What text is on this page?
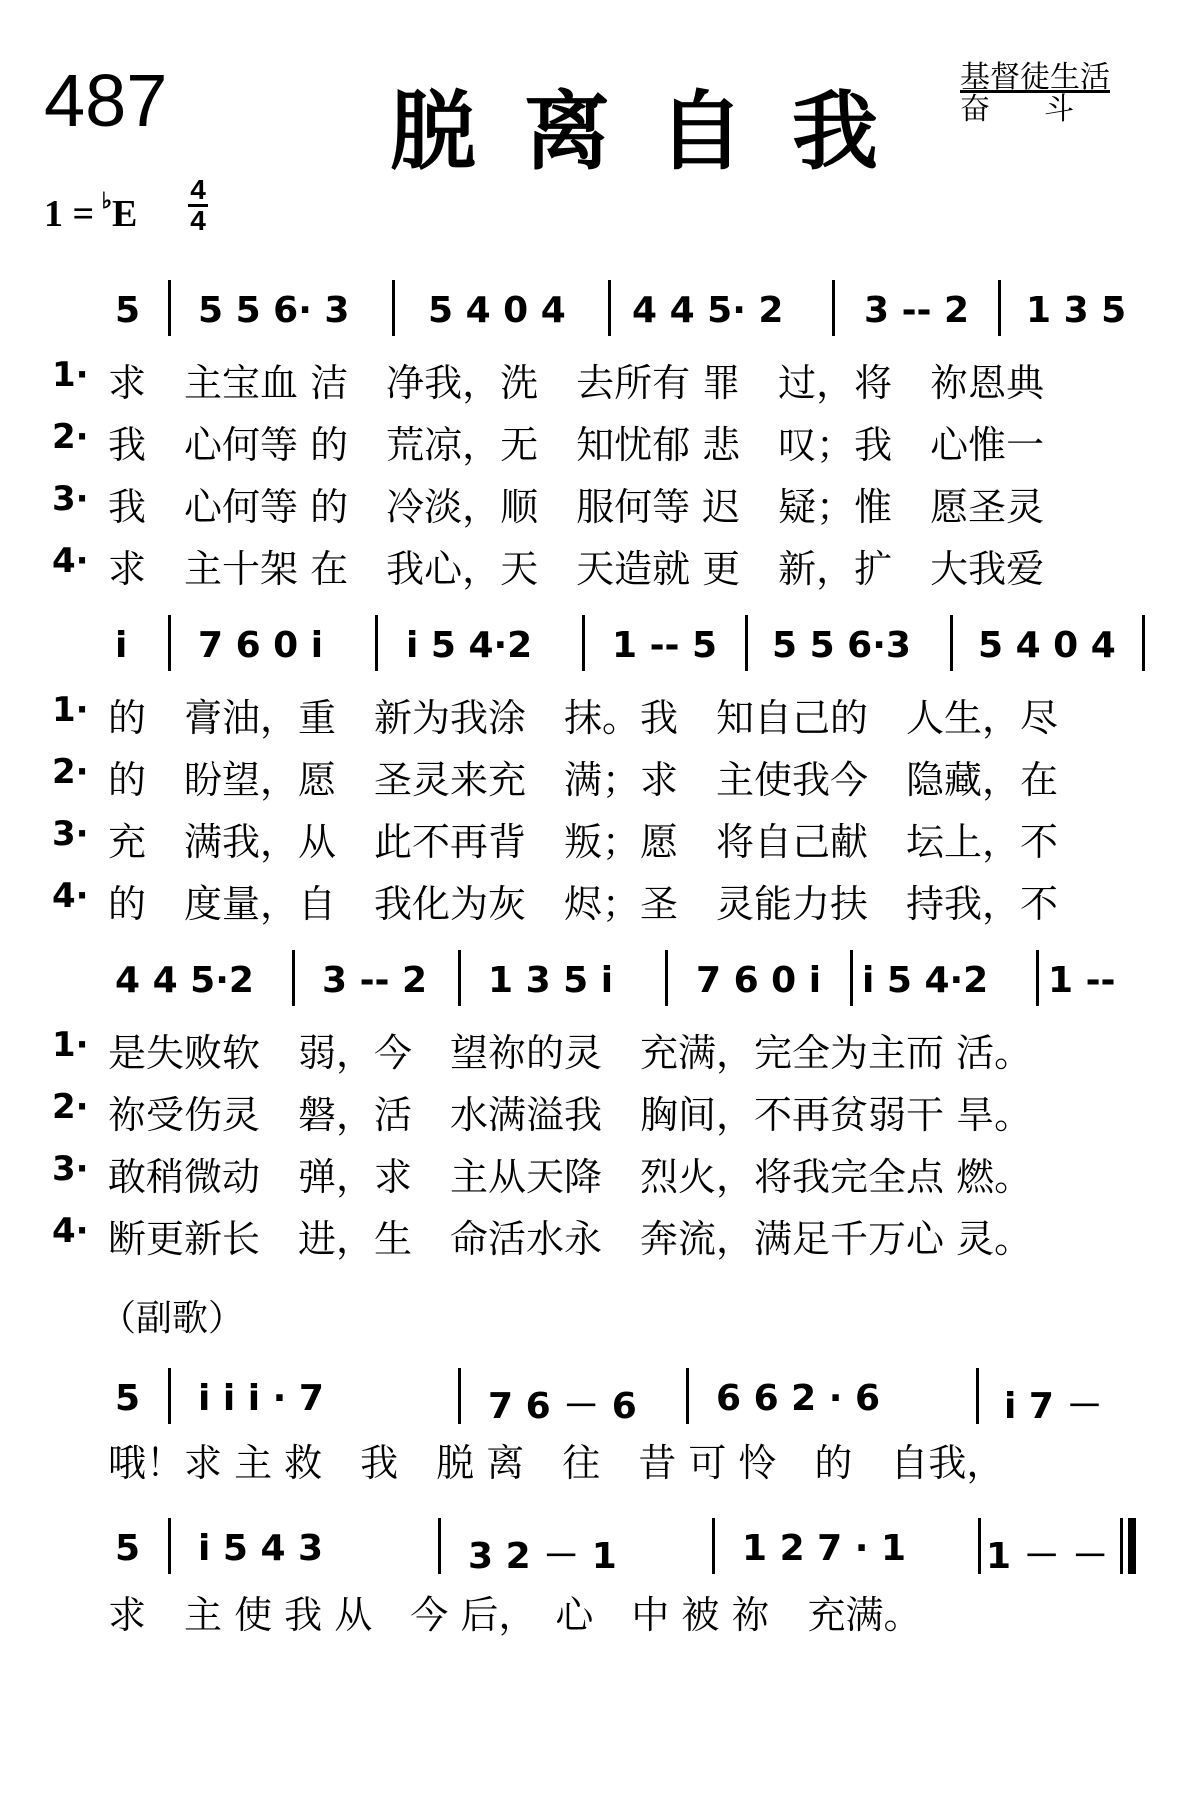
487	脱离自我
基督徒生活
奋斗
1 = ♭E
4
4
5 5 5 6· 3 5 4 0 4 4 4 5· 2 3 -- 2 1 3 5
1· 求　主宝血 洁　净我，洗　去所有 罪　过，将　祢恩典
2· 我　心何等 的　荒凉，无　知忧郁 悲　叹；我　心惟一
3· 我　心何等 的　冷淡，顺　服何等 迟　疑；惟　愿圣灵
4· 求　主十架 在　我心，天　天造就 更　新，扩　大我爱
i 7 6 0 i i 5 4·2 1 -- 5 5 5 6·3 5 4 0 4
1· 的　膏油，重　新为我涂　抹。我　知自己的　人生，尽
2· 的　盼望，愿　圣灵来充　满；求　主使我今　隐藏，在
3· 充　满我，从　此不再背　叛；愿　将自己献　坛上，不
4· 的　度量，自　我化为灰　烬；圣　灵能力扶　持我，不
4 4 5·2 3 -- 2 1 3 5 i 7 6 0 i i 5 4·2 1 --
1· 是失败软　弱，今　望祢的灵　充满，完全为主而 活。
2· 祢受伤灵　磐，活　水满溢我　胸间，不再贫弱干 旱。
3· 敢稍微动　弹，求　主从天降　烈火，将我完全点 燃。
4· 断更新长　进，生　命活水永　奔流，满足千万心 灵。
（副歌）
5 i i i · 7	7 6 － 6 6 6 2 · 6	i 7 －
哦！求 主 救　我　脱 离　往　昔 可 怜　的　自我，
5 i 5 4 3	3 2 － 1	1 2 7 · 1 1 － －
求　主 使 我 从　今 后，　心　中 被 祢　充满。
